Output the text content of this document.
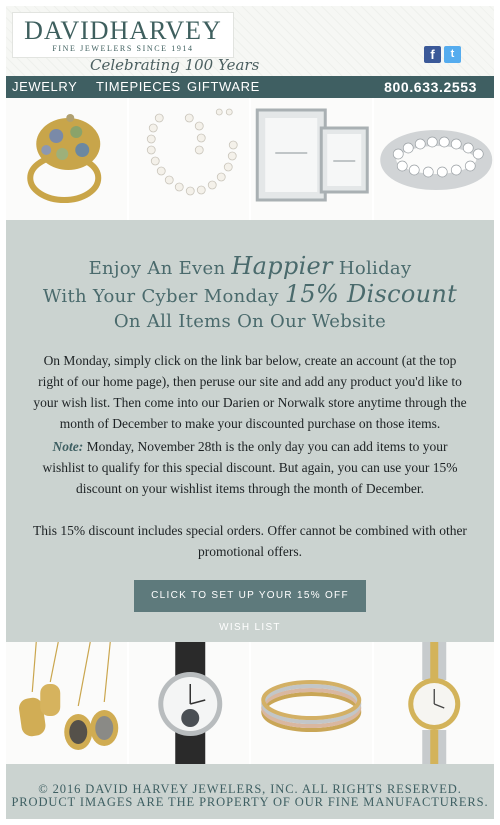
DAVIDHARVEY
FINE JEWELERS SINCE 1914
Celebrating 100 Years
f	t
JEWELRY TIMEPIECES GIFTWARE	800.633.2553
Enjoy An Even Happier Holiday
With Your Cyber Monday 15% Discount
On All Items On Our Website

On Monday, simply click on the link bar below, create an account (at the top right of our home page), then peruse our site and add any product you'd like to your wish list. Then come into our Darien or Norwalk store anytime through the month of December to make your discounted purchase on those items.

Note: Monday, November 28th is the only day you can add items to your wishlist to qualify for this special discount. But again, you can use your 15% discount on your wishlist items through the month of December.

This 15% discount includes special orders. Offer cannot be combined with other promotional offers.

CLICK TO SET UP YOUR 15% OFF WISH LIST
© 2016 DAVID HARVEY JEWELERS, INC. ALL RIGHTS RESERVED.
PRODUCT IMAGES ARE THE PROPERTY OF OUR FINE MANUFACTURERS.
